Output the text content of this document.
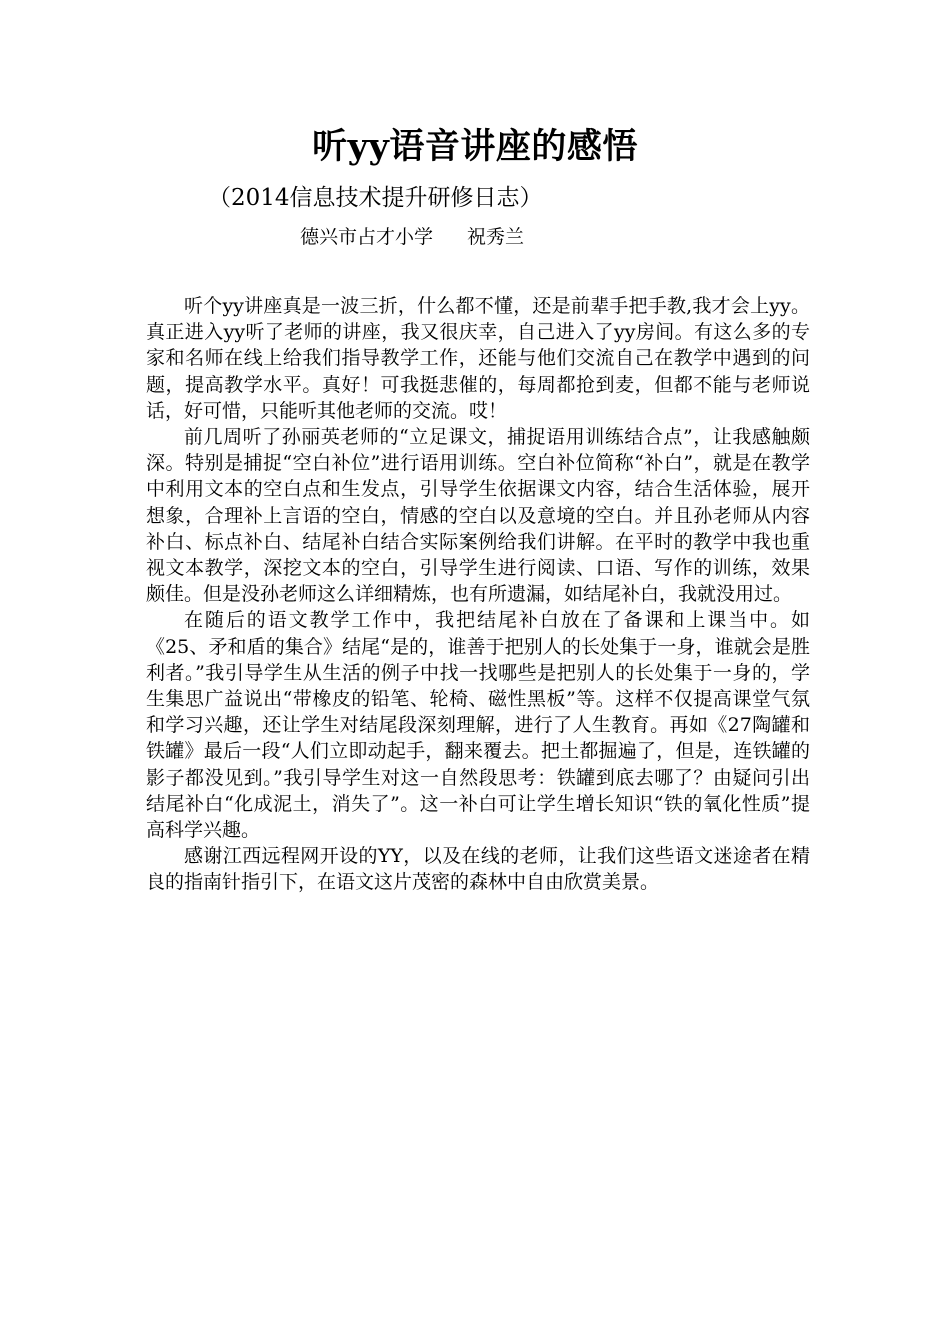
听yy语音讲座的感悟
（2014信息技术提升研修日志）
德兴市占才小学 祝秀兰

听个yy讲座真是一波三折，什么都不懂，还是前辈手把手教,我才会上yy。真正进入yy听了老师的讲座，我又很庆幸，自己进入了yy房间。有这么多的专家和名师在线上给我们指导教学工作，还能与他们交流自己在教学中遇到的问题，提高教学水平。真好！可我挺悲催的，每周都抢到麦，但都不能与老师说话，好可惜，只能听其他老师的交流。哎！

前几周听了孙丽英老师的“立足课文，捕捉语用训练结合点”，让我感触颇深。特别是捕捉“空白补位”进行语用训练。空白补位简称“补白”，就是在教学中利用文本的空白点和生发点，引导学生依据课文内容，结合生活体验，展开想象，合理补上言语的空白，情感的空白以及意境的空白。并且孙老师从内容补白、标点补白、结尾补白结合实际案例给我们讲解。在平时的教学中我也重视文本教学，深挖文本的空白，引导学生进行阅读、口语、写作的训练，效果颇佳。但是没孙老师这么详细精炼，也有所遗漏，如结尾补白，我就没用过。

在随后的语文教学工作中，我把结尾补白放在了备课和上课当中。如《25、矛和盾的集合》结尾“是的，谁善于把别人的长处集于一身，谁就会是胜利者。”我引导学生从生活的例子中找一找哪些是把别人的长处集于一身的，学生集思广益说出“带橡皮的铅笔、轮椅、磁性黑板”等。这样不仅提高课堂气氛和学习兴趣，还让学生对结尾段深刻理解，进行了人生教育。再如《27陶罐和铁罐》最后一段“人们立即动起手，翻来覆去。把土都掘遍了，但是，连铁罐的影子都没见到。”我引导学生对这一自然段思考：铁罐到底去哪了？由疑问引出结尾补白“化成泥土，消失了”。这一补白可让学生增长知识“铁的氧化性质”提高科学兴趣。

感谢江西远程网开设的YY，以及在线的老师，让我们这些语文迷途者在精良的指南针指引下，在语文这片茂密的森林中自由欣赏美景。
